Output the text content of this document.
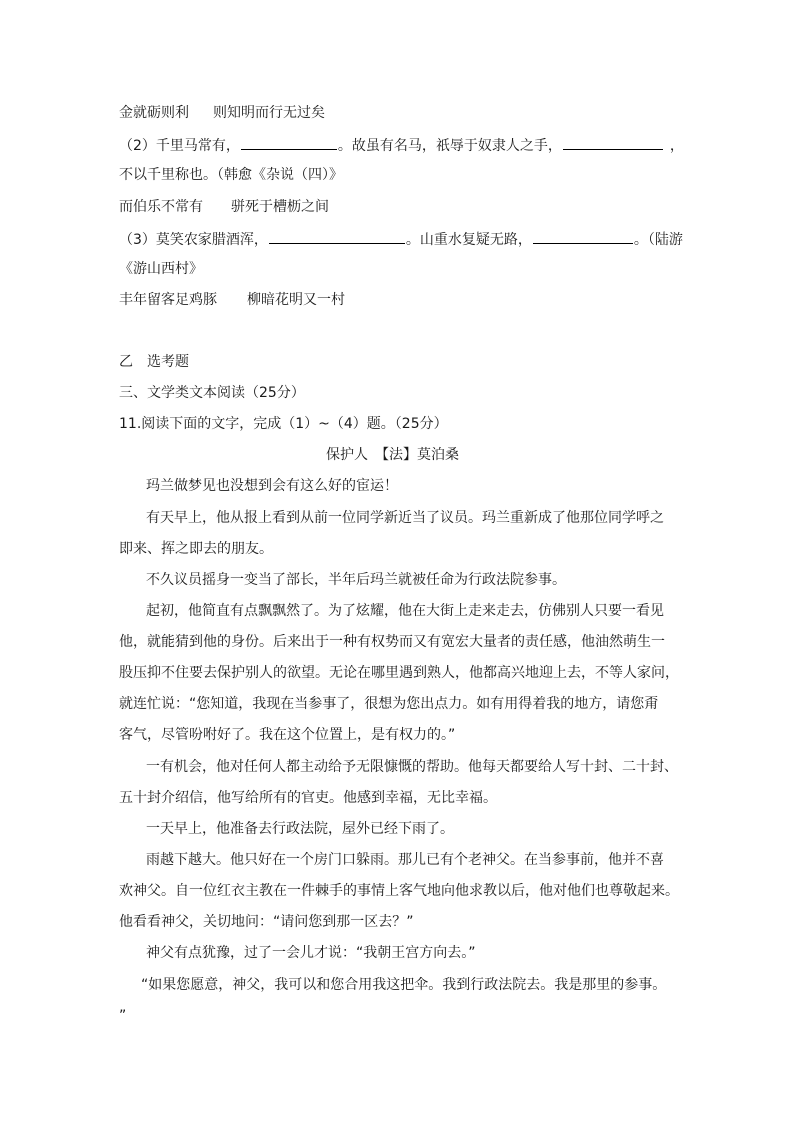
金就砺则利 则知明而行无过矣
（2）千里马常有，	。故虽有名马，祇辱于奴隶人之手，	，
不以千里称也。（韩愈《杂说（四）》
而伯乐不常有 骈死于槽枥之间
（3）莫笑农家腊酒浑，	。山重水复疑无路，	。（陆游
《游山西村》
丰年留客足鸡豚 柳暗花明又一村
乙　选考题
三、文学类文本阅读（25分）
11.阅读下面的文字，完成（1）~（4）题。（25分）
保护人　【法】莫泊桑
玛兰做梦见也没想到会有这么好的宦运！
有天早上，他从报上看到从前一位同学新近当了议员。玛兰重新成了他那位同学呼之
即来、挥之即去的朋友。
不久议员摇身一变当了部长，半年后玛兰就被任命为行政法院参事。
起初，他简直有点飘飘然了。为了炫耀，他在大街上走来走去，仿佛别人只要一看见
他，就能猜到他的身份。后来出于一种有权势而又有宽宏大量者的责任感，他油然萌生一
股压抑不住要去保护别人的欲望。无论在哪里遇到熟人，他都高兴地迎上去，不等人家问，
就连忙说：“您知道，我现在当参事了，很想为您出点力。如有用得着我的地方，请您甭
客气，尽管吩咐好了。我在这个位置上，是有权力的。”
一有机会，他对任何人都主动给予无限慷慨的帮助。他每天都要给人写十封、二十封、
五十封介绍信，他写给所有的官吏。他感到幸福，无比幸福。
一天早上，他准备去行政法院，屋外已经下雨了。
雨越下越大。他只好在一个房门口躲雨。那儿已有个老神父。在当参事前，他并不喜
欢神父。自一位红衣主教在一件棘手的事情上客气地向他求教以后，他对他们也尊敬起来。
他看看神父，关切地问：“请问您到那一区去？”
神父有点犹豫，过了一会儿才说：“我朝王宫方向去。”
“如果您愿意，神父，我可以和您合用我这把伞。我到行政法院去。我是那里的参事。
”
